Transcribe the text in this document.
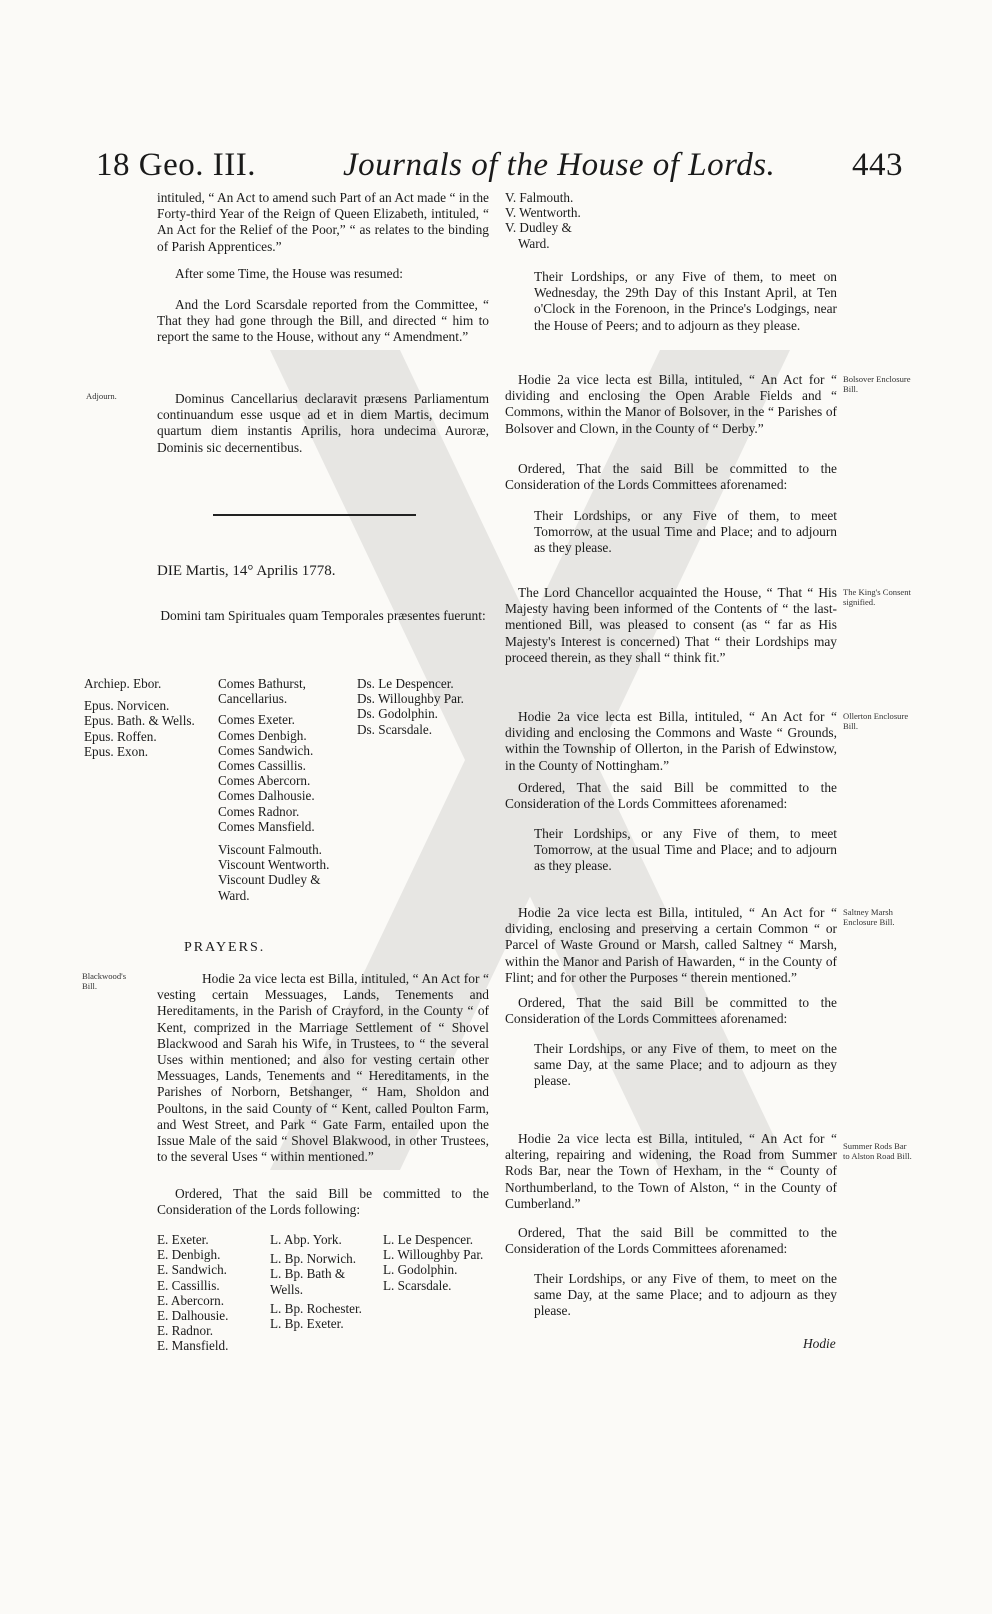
18 Geo. III.	Journals of the House of Lords. 443
intituled, “ An Act to amend such Part of an Act made “ in the Forty-third Year of the Reign of Queen Elizabeth, intituled, “ An Act for the Relief of the Poor,” “ as relates to the binding of Parish Apprentices.”
After some Time, the House was resumed:
And the Lord Scarsdale reported from the Committee, “ That they had gone through the Bill, and directed “ him to report the same to the House, without any “ Amendment.”
Adjourn.	Dominus Cancellarius declaravit præsens Parliamentum continuandum esse usque ad et in diem Martis, decimum quartum diem instantis Aprilis, hora undecima Auroræ, Dominis sic decernentibus.
DIE Martis, 14° Aprilis 1778.
Domini tam Spirituales quam Temporales præsentes fuerunt:
Archiep. Ebor.
Epus. Norvicen.
Epus. Bath. & Wells.
Epus. Roffen.
Epus. Exon.
Comes Bathurst, Cancellarius.
Comes Exeter.
Comes Denbigh.
Comes Sandwich.
Comes Cassillis.
Comes Abercorn.
Comes Dalhousie.
Comes Radnor.
Comes Mansfield.
Viscount Falmouth.
Viscount Wentworth.
Viscount Dudley & Ward.
Ds. Le Despencer.
Ds. Willoughby Par.
Ds. Godolphin.
Ds. Scarsdale.
PRAYERS.
Blackwood's Bill.	Hodie 2a vice lecta est Billa, intituled, “ An Act for “ vesting certain Messuages, Lands, Tenements and Hereditaments, in the Parish of Crayford, in the County “ of Kent, comprized in the Marriage Settlement of “ Shovel Blackwood and Sarah his Wife, in Trustees, to “ the several Uses within mentioned; and also for vesting certain other Messuages, Lands, Tenements and “ Hereditaments, in the Parishes of Norborn, Betshanger, “ Ham, Sholdon and Poultons, in the said County of “ Kent, called Poulton Farm, and West Street, and Park “ Gate Farm, entailed upon the Issue Male of the said “ Shovel Blakwood, in other Trustees, to the several Uses “ within mentioned.”
Ordered, That the said Bill be committed to the Consideration of the Lords following:
E. Exeter.
E. Denbigh.
E. Sandwich.
E. Cassillis.
E. Abercorn.
E. Dalhousie.
E. Radnor.
E. Mansfield.
L. Abp. York.
L. Bp. Norwich.
L. Bp. Bath & Wells.
L. Bp. Rochester.
L. Bp. Exeter.
L. Le Despencer.
L. Willoughby Par.
L. Godolphin.
L. Scarsdale.
V. Falmouth.
V. Wentworth.
V. Dudley &
Ward.
Their Lordships, or any Five of them, to meet on Wednesday, the 29th Day of this Instant April, at Ten o'Clock in the Forenoon, in the Prince's Lodgings, near the House of Peers; and to adjourn as they please.
Bolsover Enclosure Bill.
Hodie 2a vice lecta est Billa, intituled, “ An Act for “ dividing and enclosing the Open Arable Fields and “ Commons, within the Manor of Bolsover, in the “ Parishes of Bolsover and Clown, in the County of “ Derby.”
Ordered, That the said Bill be committed to the Consideration of the Lords Committees aforenamed:
Their Lordships, or any Five of them, to meet Tomorrow, at the usual Time and Place; and to adjourn as they please.
The King's Consent signified.
The Lord Chancellor acquainted the House, “ That “ His Majesty having been informed of the Contents of “ the last-mentioned Bill, was pleased to consent (as “ far as His Majesty's Interest is concerned) That “ their Lordships may proceed therein, as they shall “ think fit.”
Ollerton Enclosure Bill.
Hodie 2a vice lecta est Billa, intituled, “ An Act for “ dividing and enclosing the Commons and Waste “ Grounds, within the Township of Ollerton, in the Parish of Edwinstow, in the County of Nottingham.”
Ordered, That the said Bill be committed to the Consideration of the Lords Committees aforenamed:
Their Lordships, or any Five of them, to meet Tomorrow, at the usual Time and Place; and to adjourn as they please.
Saltney Marsh Enclosure Bill.
Hodie 2a vice lecta est Billa, intituled, “ An Act for “ dividing, enclosing and preserving a certain Common “ or Parcel of Waste Ground or Marsh, called Saltney “ Marsh, within the Manor and Parish of Hawarden, “ in the County of Flint; and for other the Purposes “ therein mentioned.”
Ordered, That the said Bill be committed to the Consideration of the Lords Committees aforenamed:
Their Lordships, or any Five of them, to meet on the same Day, at the same Place; and to adjourn as they please.
Summer Rods Bar to Alston Road Bill.
Hodie 2a vice lecta est Billa, intituled, “ An Act for “ altering, repairing and widening, the Road from Summer Rods Bar, near the Town of Hexham, in the “ County of Northumberland, to the Town of Alston, “ in the County of Cumberland.”
Ordered, That the said Bill be committed to the Consideration of the Lords Committees aforenamed:
Their Lordships, or any Five of them, to meet on the same Day, at the same Place; and to adjourn as they please.
Hodie
